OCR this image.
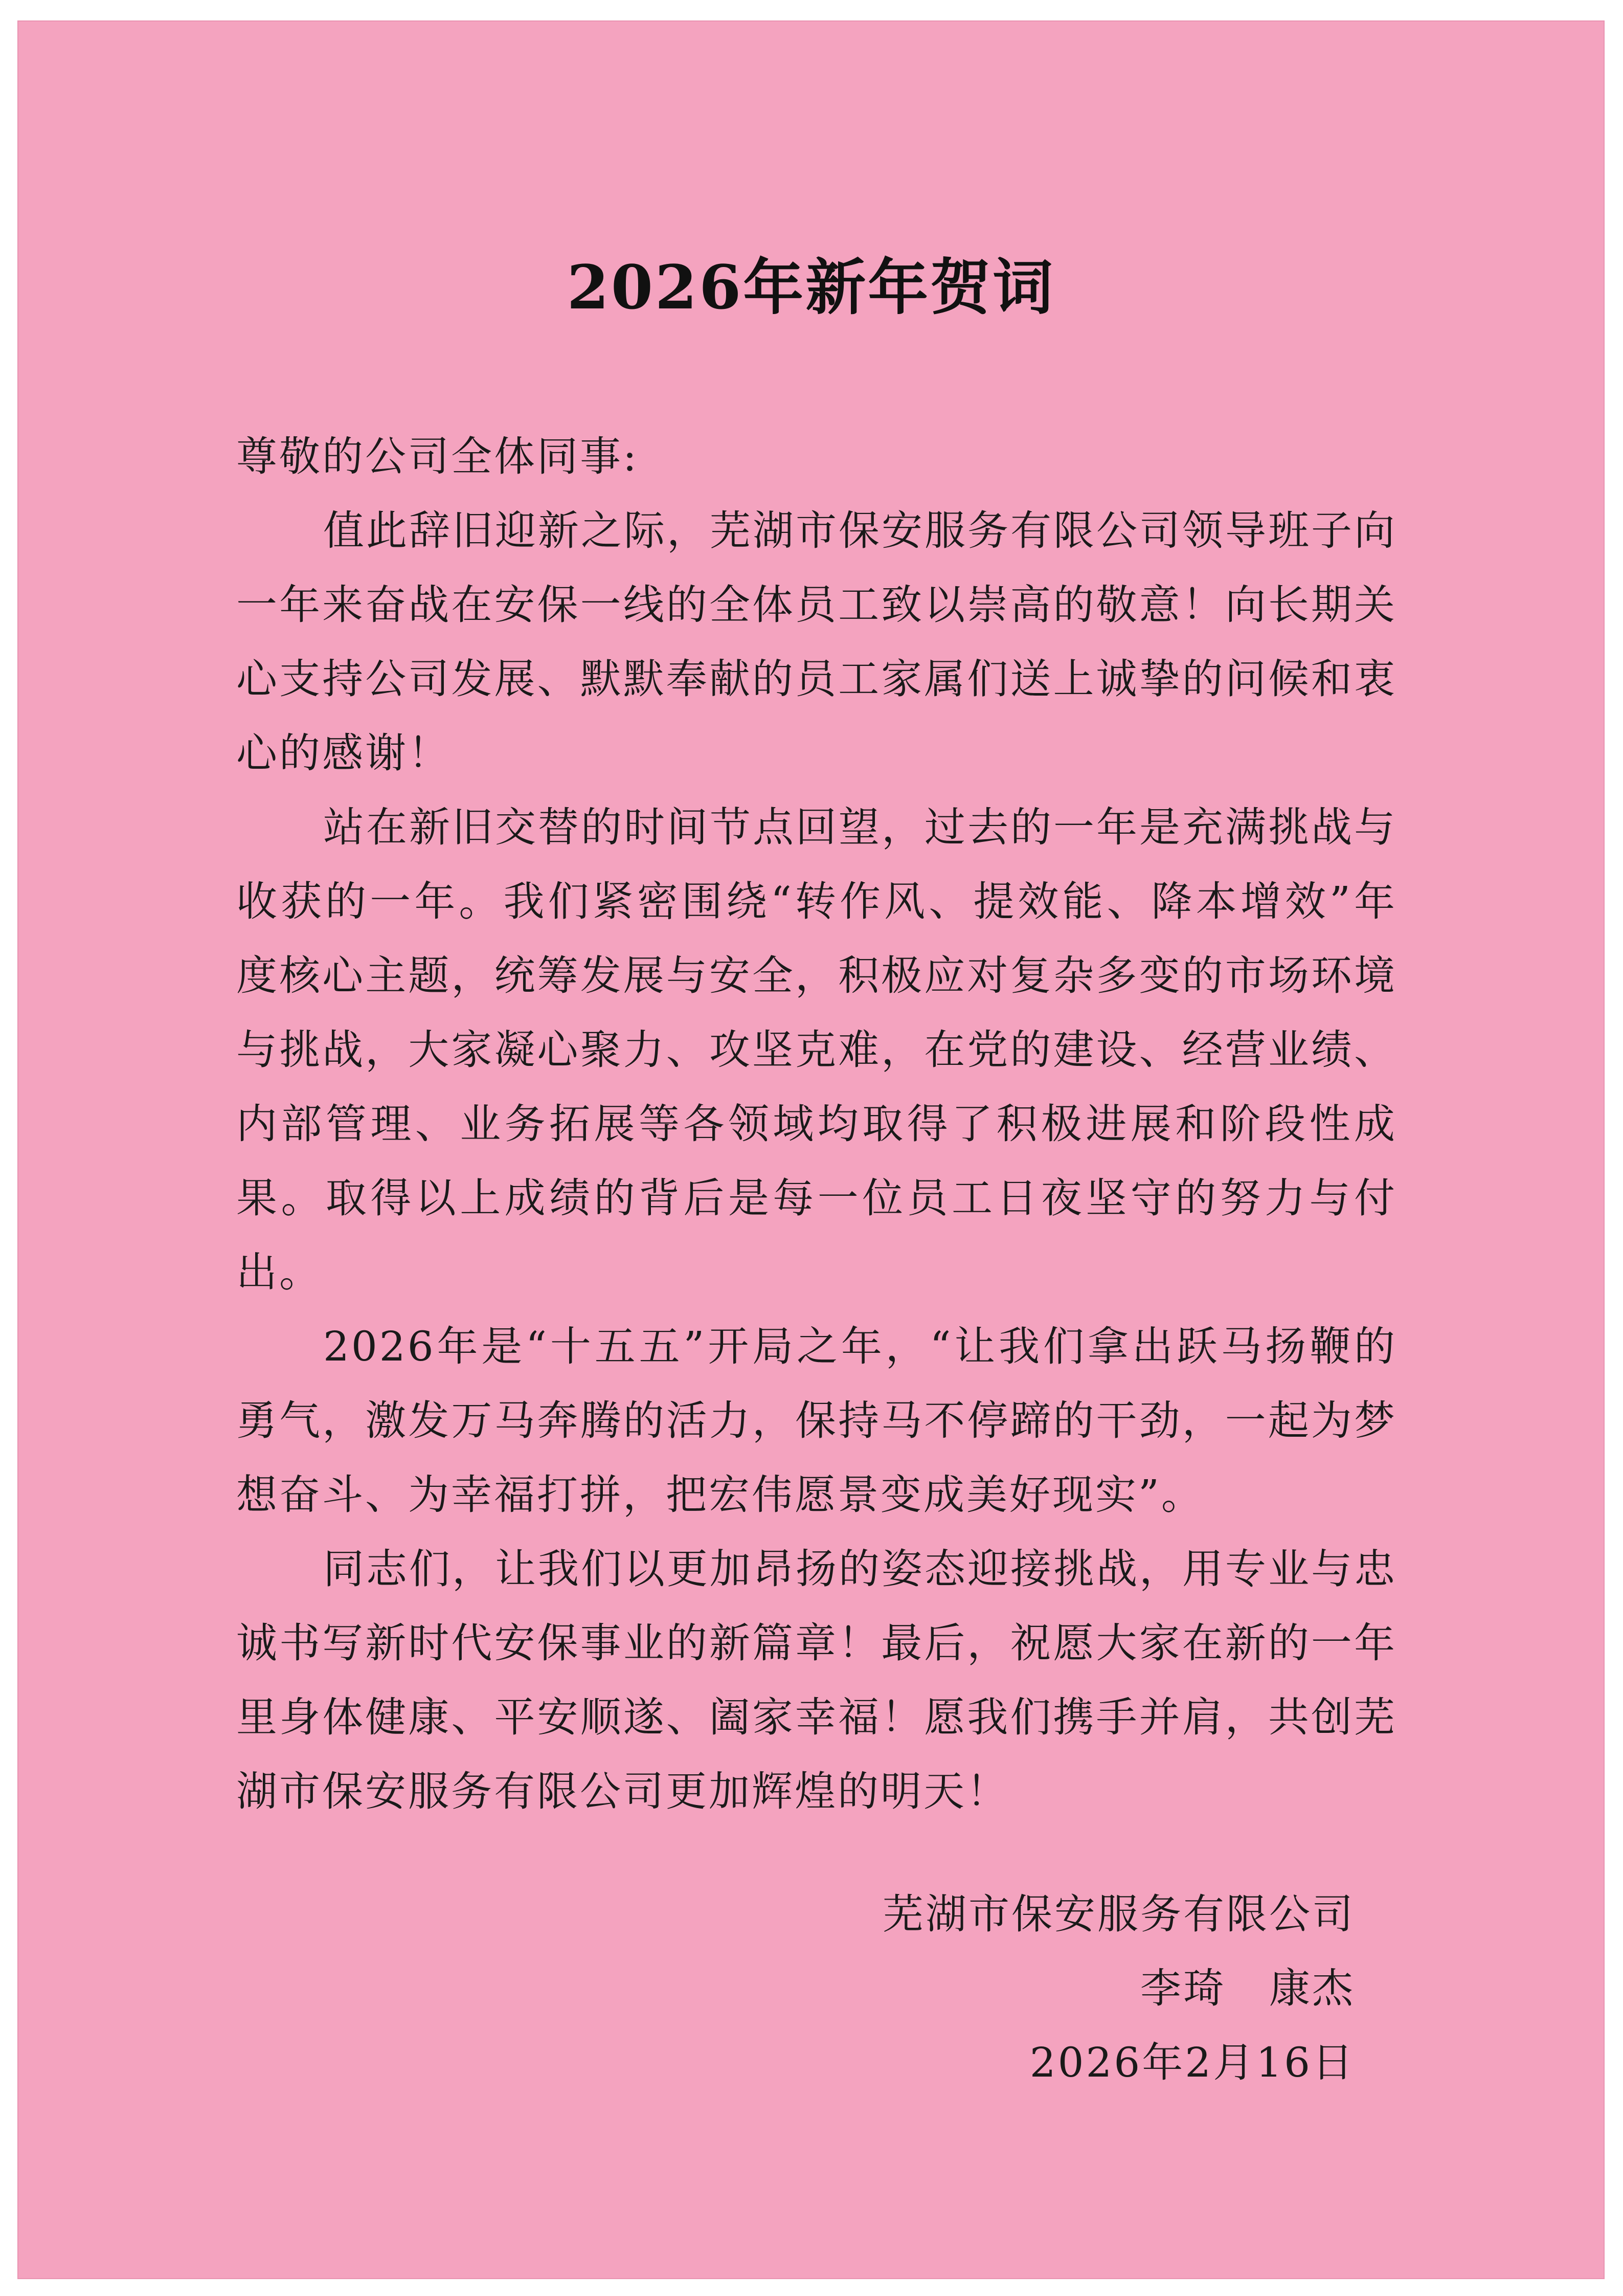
2026年新年贺词

尊敬的公司全体同事:

值此辞旧迎新之际，芜湖市保安服务有限公司领导班子向一年来奋战在安保一线的全体员工致以崇高的敬意！向长期关心支持公司发展、默默奉献的员工家属们送上诚挚的问候和衷心的感谢！

站在新旧交替的时间节点回望，过去的一年是充满挑战与收获的一年。我们紧密围绕“转作风、提效能、降本增效”年度核心主题，统筹发展与安全，积极应对复杂多变的市场环境与挑战，大家凝心聚力、攻坚克难，在党的建设、经营业绩、内部管理、业务拓展等各领域均取得了积极进展和阶段性成果。取得以上成绩的背后是每一位员工日夜坚守的努力与付出。

2026年是“十五五”开局之年，“让我们拿出跃马扬鞭的勇气，激发万马奔腾的活力，保持马不停蹄的干劲，一起为梦想奋斗、为幸福打拼，把宏伟愿景变成美好现实”。

同志们，让我们以更加昂扬的姿态迎接挑战，用专业与忠诚书写新时代安保事业的新篇章！最后，祝愿大家在新的一年里身体健康、平安顺遂、阖家幸福！愿我们携手并肩，共创芜湖市保安服务有限公司更加辉煌的明天！

芜湖市保安服务有限公司
李琦　康杰
2026年2月16日
